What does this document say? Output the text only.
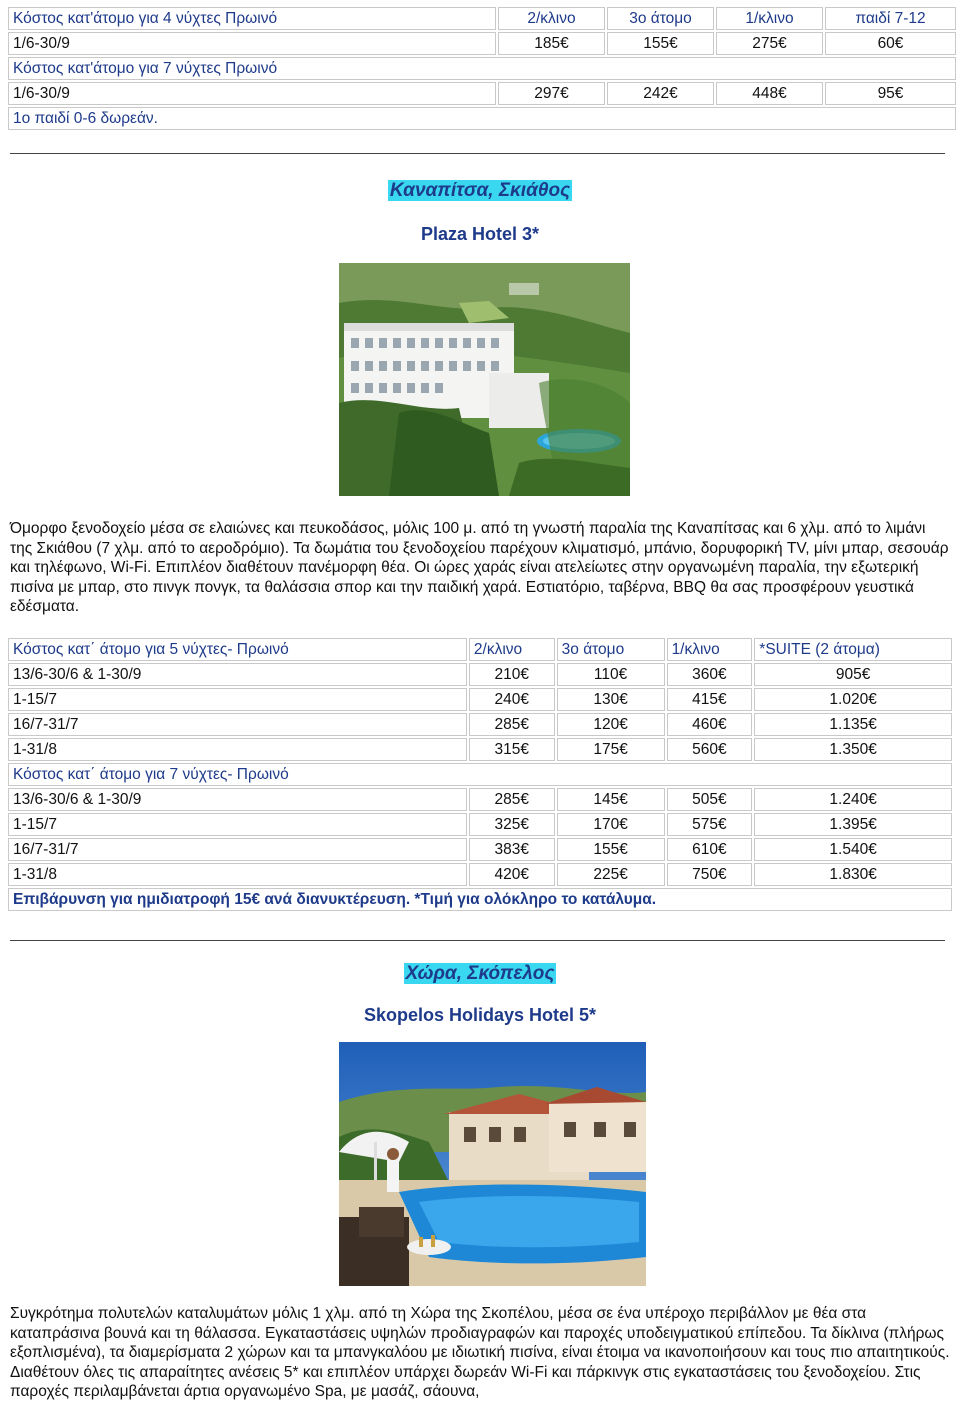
Κόστος κατ'άτομο για 4 νύχτες Πρωινό	2/κλινο	3ο άτομο	1/κλινο	παιδί 7-12
1/6-30/9	185€	155€	275€	60€
Κόστος κατ'άτομο για 7 νύχτες Πρωινό				
1/6-30/9	297€	242€	448€	95€
1ο παιδί 0-6 δωρεάν.				
Καναπίτσα, Σκιάθος
Plaza Hotel 3*
Όμορφο ξενοδοχείο μέσα σε ελαιώνες και πευκοδάσος, μόλις 100 μ. από τη γνωστή παραλία της Καναπίτσας και 6 χλμ. από το λιμάνι της Σκιάθου (7 χλμ. από το αεροδρόμιο). Τα δωμάτια του ξενοδοχείου παρέχουν κλιματισμό, μπάνιο, δορυφορική TV, μίνι μπαρ, σεσουάρ και τηλέφωνο, Wi-Fi. Επιπλέον διαθέτουν πανέμορφη θέα. Οι ώρες χαράς είναι ατελείωτες στην οργανωμένη παραλία, την εξωτερική πισίνα με μπαρ, στο πινγκ πονγκ, τα θαλάσσια σπορ και την παιδική χαρά. Εστιατόριο, ταβέρνα, BBQ θα σας προσφέρουν γευστικά εδέσματα.
Κόστος κατ΄ άτομο για 5 νύχτες- Πρωινό	2/κλινο	3ο άτομο	1/κλινο	*SUITE (2 άτομα)
13/6-30/6 & 1-30/9	210€	110€	360€	905€
1-15/7	240€	130€	415€	1.020€
16/7-31/7	285€	120€	460€	1.135€
1-31/8	315€	175€	560€	1.350€
Κόστος κατ΄ άτομο για 7 νύχτες- Πρωινό				
13/6-30/6 & 1-30/9	285€	145€	505€	1.240€
1-15/7	325€	170€	575€	1.395€
16/7-31/7	383€	155€	610€	1.540€
1-31/8	420€	225€	750€	1.830€
Επιβάρυνση για ημιδιατροφή 15€ ανά διανυκτέρευση. *Τιμή για ολόκληρο το κατάλυμα.				
Χώρα, Σκόπελος
Skopelos Holidays Hotel 5*
Συγκρότημα πολυτελών καταλυμάτων μόλις 1 χλμ. από τη Χώρα της Σκοπέλου, μέσα σε ένα υπέροχο περιβάλλον με θέα στα καταπράσινα βουνά και τη θάλασσα. Εγκαταστάσεις υψηλών προδιαγραφών και παροχές υποδειγματικού επίπεδου. Τα δίκλινα (πλήρως εξοπλισμένα), τα διαμερίσματα 2 χώρων και τα μπανγκαλόου με ιδιωτική πισίνα, είναι έτοιμα να ικανοποιήσουν και τους πιο απαιτητικούς. Διαθέτουν όλες τις απαραίτητες ανέσεις 5* και επιπλέον υπάρχει δωρεάν Wi-Fi και πάρκινγκ στις εγκαταστάσεις του ξενοδοχείου. Στις παροχές περιλαμβάνεται άρτια οργανωμένο Spa, με μασάζ, σάουνα,
